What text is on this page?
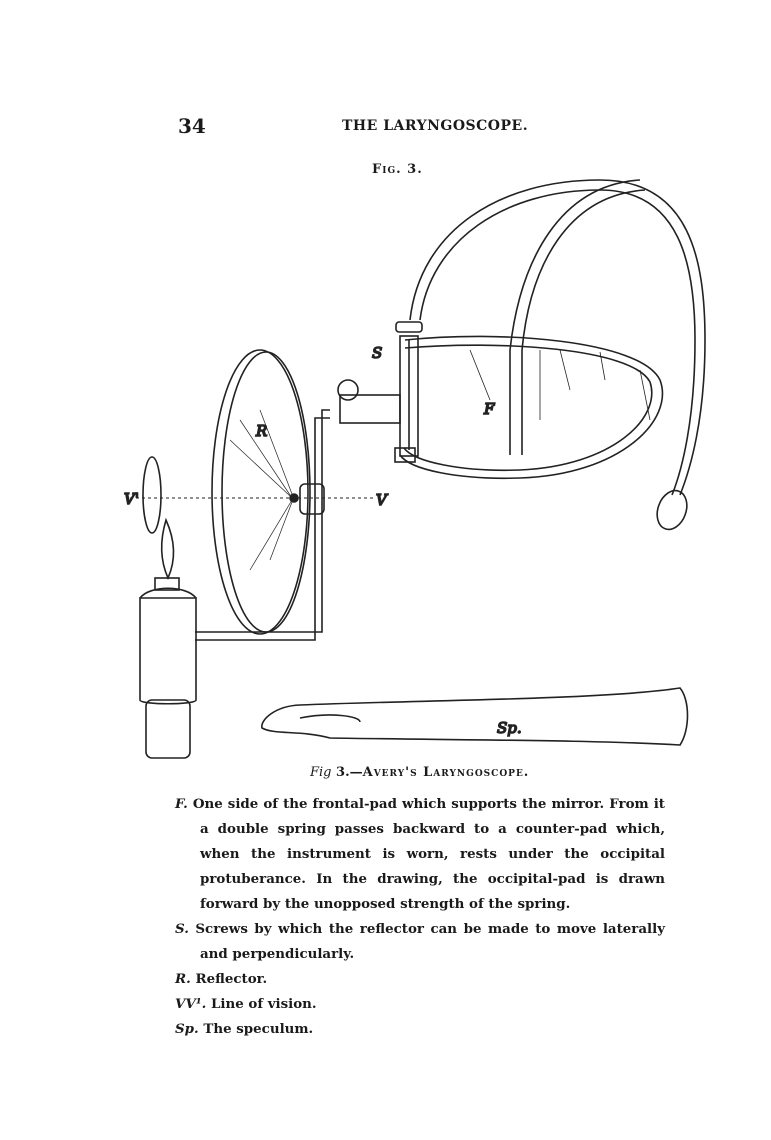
34	THE LARYNGOSCOPE.
Fig. 3.
S
R
F
V'	V
Sp.
Fig 3.—Avery's Laryngoscope.
F. One side of the frontal-pad which supports the mirror. From it a double spring passes backward to a counter-pad which, when the instrument is worn, rests under the occipital protuberance. In the drawing, the occipital-pad is drawn forward by the unopposed strength of the spring.
S. Screws by which the reflector can be made to move laterally and perpendicularly.
R. Reflector.
VV¹. Line of vision.
Sp. The speculum.
